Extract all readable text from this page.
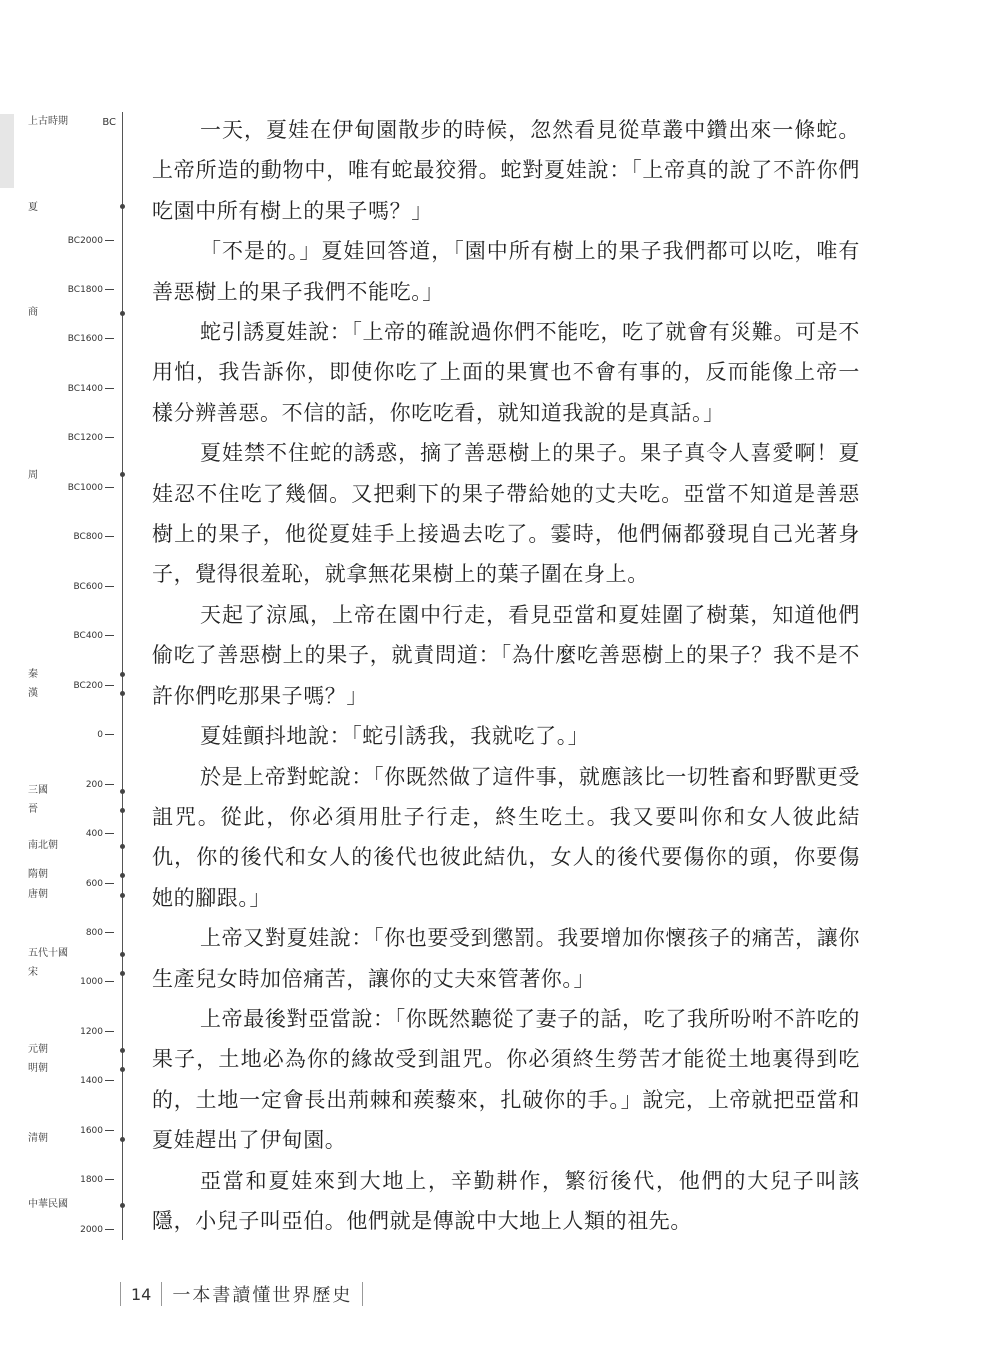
BC
上古時期
夏
商
周
秦
漢
三國
晉
南北朝
隋朝
唐朝
五代十國
宋
元朝
明朝
清朝
中華民國
BC2000
BC1800
BC1600
BC1400
BC1200
BC1000
BC800
BC600
BC400
BC200
0
200
400
600
800
1000
1200
1400
1600
1800
2000

一天，夏娃在伊甸園散步的時候，忽然看見從草叢中鑽出來一條蛇。上帝所造的動物中，唯有蛇最狡猾。蛇對夏娃說：「上帝真的說了不許你們吃園中所有樹上的果子嗎？」

「不是的。」夏娃回答道，「園中所有樹上的果子我們都可以吃，唯有善惡樹上的果子我們不能吃。」

蛇引誘夏娃說：「上帝的確說過你們不能吃，吃了就會有災難。可是不用怕，我告訴你，即使你吃了上面的果實也不會有事的，反而能像上帝一樣分辨善惡。不信的話，你吃吃看，就知道我說的是真話。」

夏娃禁不住蛇的誘惑，摘了善惡樹上的果子。果子真令人喜愛啊！夏娃忍不住吃了幾個。又把剩下的果子帶給她的丈夫吃。亞當不知道是善惡樹上的果子，他從夏娃手上接過去吃了。霎時，他們倆都發現自己光著身子，覺得很羞恥，就拿無花果樹上的葉子圍在身上。

天起了涼風，上帝在園中行走，看見亞當和夏娃圍了樹葉，知道他們偷吃了善惡樹上的果子，就責問道：「為什麼吃善惡樹上的果子？我不是不許你們吃那果子嗎？」

夏娃顫抖地說：「蛇引誘我，我就吃了。」

於是上帝對蛇說：「你既然做了這件事，就應該比一切牲畜和野獸更受詛咒。從此，你必須用肚子行走，終生吃土。我又要叫你和女人彼此結仇，你的後代和女人的後代也彼此結仇，女人的後代要傷你的頭，你要傷她的腳跟。」

上帝又對夏娃說：「你也要受到懲罰。我要增加你懷孩子的痛苦，讓你生產兒女時加倍痛苦，讓你的丈夫來管著你。」

上帝最後對亞當說：「你既然聽從了妻子的話，吃了我所吩咐不許吃的果子，土地必為你的緣故受到詛咒。你必須終生勞苦才能從土地裏得到吃的，土地一定會長出荊棘和蒺藜來，扎破你的手。」說完，上帝就把亞當和夏娃趕出了伊甸園。

亞當和夏娃來到大地上，辛勤耕作，繁衍後代，他們的大兒子叫該隱，小兒子叫亞伯。他們就是傳說中大地上人類的祖先。

14	一本書讀懂世界歷史
